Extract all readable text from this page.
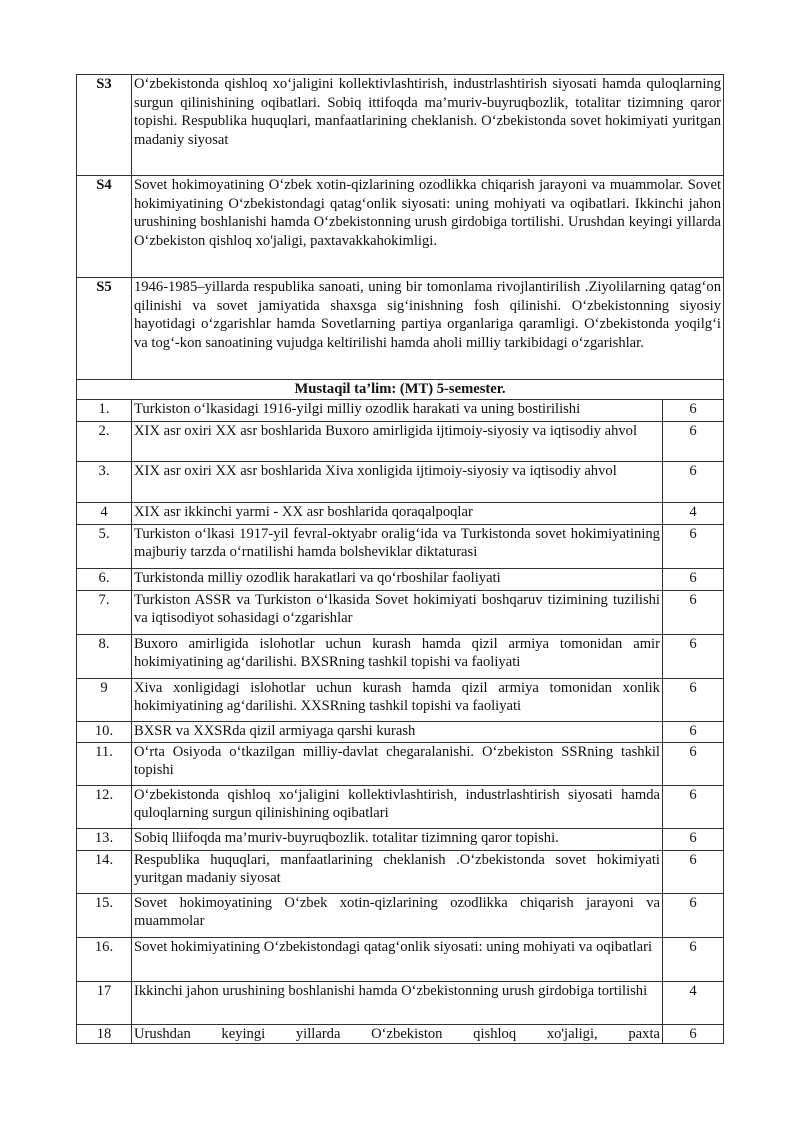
S3	O‘zbekistonda qishloq xo‘jaligini kollektivlashtirish, industrlashtirish siyosati hamda quloqlarning surgun qilinishining oqibatlari. Sobiq ittifoqda ma’muriv-buyruqbozlik, totalitar tizimning qaror topishi. Respublika huquqlari, manfaatlarining cheklanish. O‘zbekistonda sovet hokimiyati yuritgan madaniy siyosat	
S4	Sovet hokimoyatining O‘zbek xotin-qizlarining ozodlikka chiqarish jarayoni va muammolar. Sovet hokimiyatining O‘zbekistondagi qatag‘onlik siyosati: uning mohiyati va oqibatlari. Ikkinchi jahon urushining boshlanishi hamda O‘zbekistonning urush girdobiga tortilishi. Urushdan keyingi yillarda O‘zbekiston qishloq xo'jaligi, paxtavakkahokimligi.	
S5	1946-1985–yillarda respublika sanoati, uning bir tomonlama rivojlantirilish .Ziyolilarning qatag‘on qilinishi va sovet jamiyatida shaxsga sig‘inishning fosh qilinishi. O‘zbekistonning siyosiy hayotidagi o‘zgarishlar hamda Sovetlarning partiya organlariga qaramligi. O‘zbekistonda yoqilg‘i va tog‘-kon sanoatining vujudga keltirilishi hamda aholi milliy tarkibidagi o‘zgarishlar.	
Mustaqil ta’lim: (MT) 5-semester.		
1.	Turkiston o‘lkasidagi 1916-yilgi milliy ozodlik harakati va uning bostirilishi	6
2.	XIX asr oxiri XX asr boshlarida Buxoro amirligida ijtimoiy-siyosiy va iqtisodiy ahvol	6
3.	XIX asr oxiri XX asr boshlarida Xiva xonligida ijtimoiy-siyosiy va iqtisodiy ahvol	6
4	XIX asr ikkinchi yarmi - XX asr boshlarida qoraqalpoqlar	4
5.	Turkiston o‘lkasi 1917-yil fevral-oktyabr oralig‘ida va Turkistonda sovet hokimiyatining majburiy tarzda o‘rnatilishi hamda bolsheviklar diktaturasi	6
6.	Turkistonda milliy ozodlik harakatlari va qo‘rboshilar faoliyati	6
7.	Turkiston ASSR va Turkiston o‘lkasida Sovet hokimiyati boshqaruv tizimining tuzilishi va iqtisodiyot sohasidagi o‘zgarishlar	6
8.	Buxoro amirligida islohotlar uchun kurash hamda qizil armiya tomonidan amir hokimiyatining ag‘darilishi. BXSRning tashkil topishi va faoliyati	6
9	Xiva xonligidagi islohotlar uchun kurash hamda qizil armiya tomonidan xonlik hokimiyatining ag‘darilishi. XXSRning tashkil topishi va faoliyati	6
10.	BXSR va XXSRda qizil armiyaga qarshi kurash	6
11.	O‘rta Osiyoda o‘tkazilgan milliy-davlat chegaralanishi. O‘zbekiston SSRning tashkil topishi	6
12.	O‘zbekistonda qishloq xo‘jaligini kollektivlashtirish, industrlashtirish siyosati hamda quloqlarning surgun qilinishining oqibatlari	6
13.	Sobiq lliifoqda ma’muriv-buyruqbozlik. totalitar tizimning qaror topishi.	6
14.	Respublika huquqlari, manfaatlarining cheklanish .O‘zbekistonda sovet hokimiyati yuritgan madaniy siyosat	6
15.	Sovet hokimoyatining O‘zbek xotin-qizlarining ozodlikka chiqarish jarayoni va muammolar	6
16.	Sovet hokimiyatining O‘zbekistondagi qatag‘onlik siyosati: uning mohiyati va oqibatlari	6
17	Ikkinchi jahon urushining boshlanishi hamda O‘zbekistonning urush girdobiga tortilishi	4
18	Urushdan keyingi yillarda O‘zbekiston qishloq xo'jaligi, paxta	6
